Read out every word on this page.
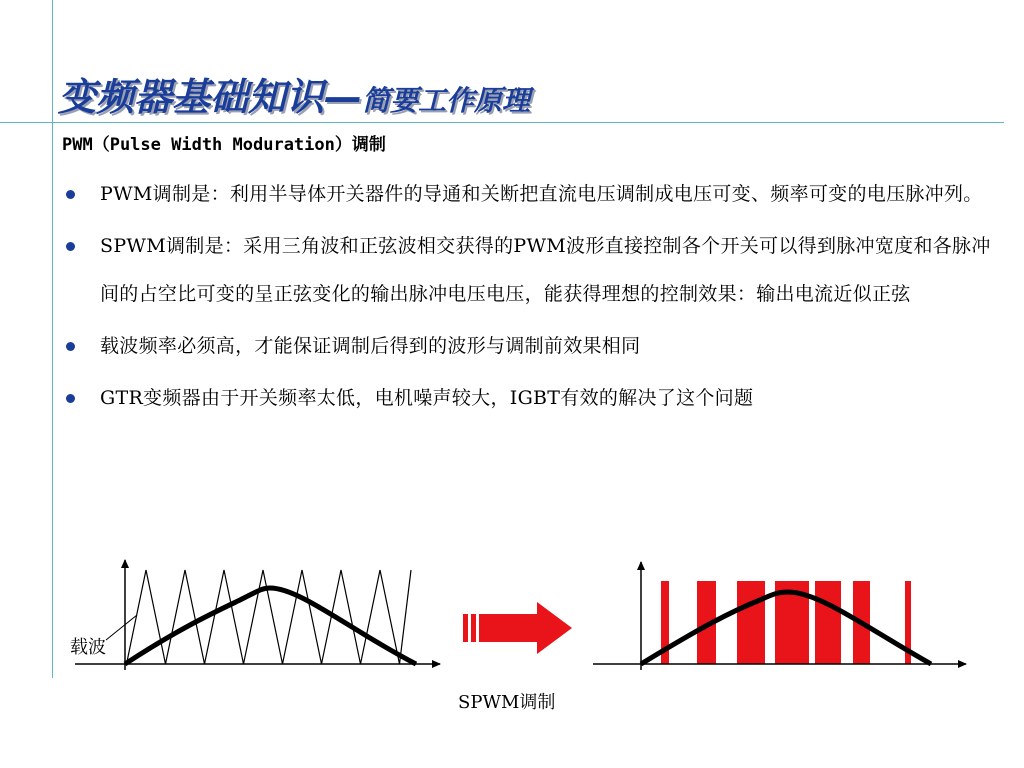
变频器基础知识—简要工作原理
PWM（Pulse Width Moduration）调制
PWM调制是：利用半导体开关器件的导通和关断把直流电压调制成电压可变、频率可变的电压脉冲列。
SPWM调制是：采用三角波和正弦波相交获得的PWM波形直接控制各个开关可以得到脉冲宽度和各脉冲间的占空比可变的呈正弦变化的输出脉冲电压电压，能获得理想的控制效果：输出电流近似正弦
载波频率必须高，才能保证调制后得到的波形与调制前效果相同
GTR变频器由于开关频率太低，电机噪声较大，IGBT有效的解决了这个问题
载波
SPWM调制
